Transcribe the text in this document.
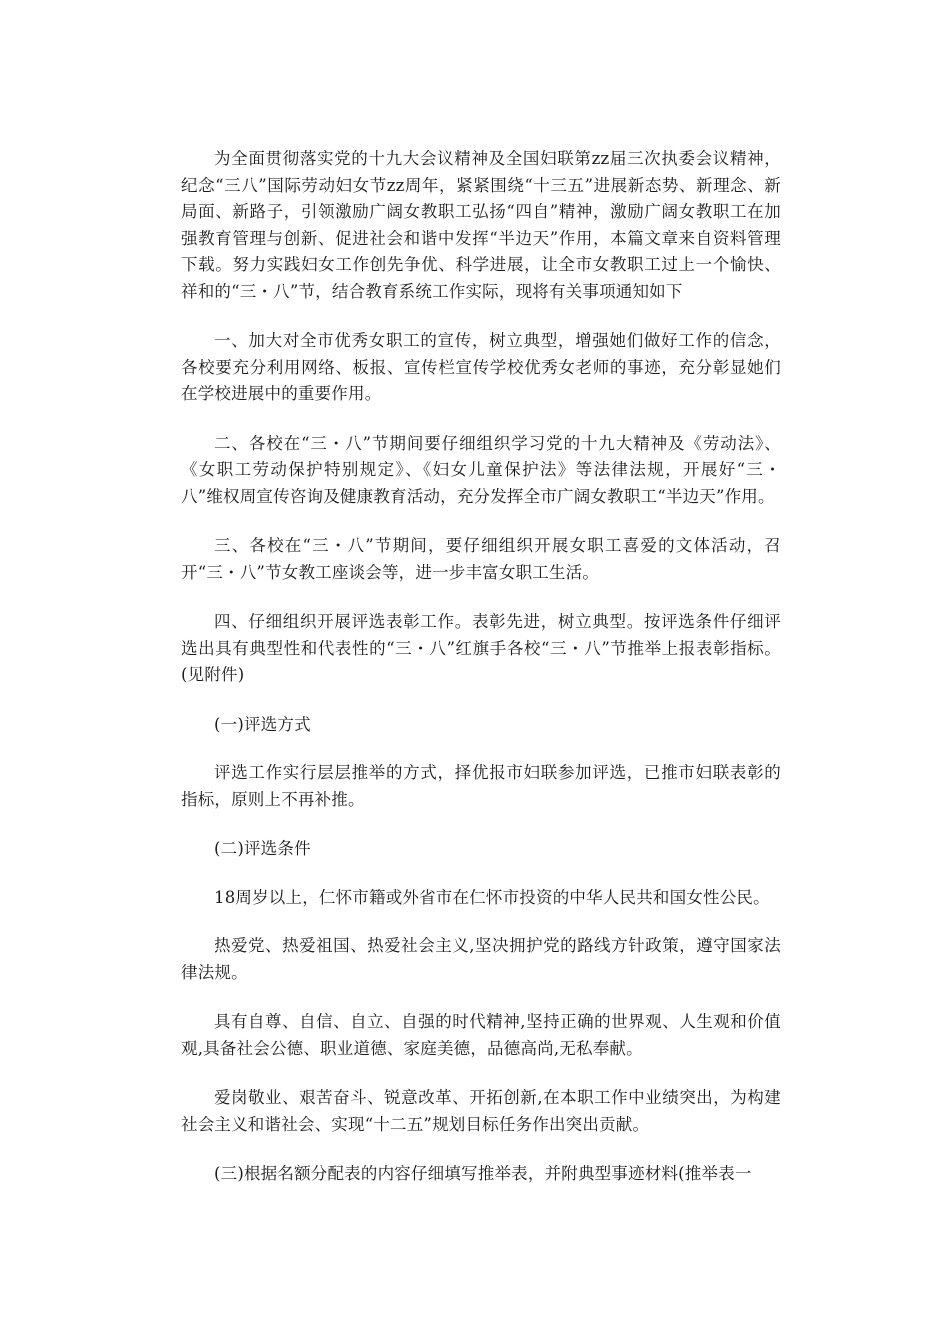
为全面贯彻落实党的十九大会议精神及全国妇联第zz届三次执委会议精神，纪念“三八”国际劳动妇女节zz周年，紧紧围绕“十三五”进展新态势、新理念、新局面、新路子，引领激励广阔女教职工弘扬“四自”精神，激励广阔女教职工在加强教育管理与创新、促进社会和谐中发挥“半边天”作用，本篇文章来自资料管理下载。努力实践妇女工作创先争优、科学进展，让全市女教职工过上一个愉快、祥和的“三・八”节，结合教育系统工作实际，现将有关事项通知如下

一、加大对全市优秀女职工的宣传，树立典型，增强她们做好工作的信念，各校要充分利用网络、板报、宣传栏宣传学校优秀女老师的事迹，充分彰显她们在学校进展中的重要作用。

二、各校在“三・八”节期间要仔细组织学习党的十九大精神及《劳动法》、《女职工劳动保护特别规定》、《妇女儿童保护法》等法律法规，开展好“三・八”维权周宣传咨询及健康教育活动，充分发挥全市广阔女教职工“半边天”作用。

三、各校在“三・八”节期间，要仔细组织开展女职工喜爱的文体活动，召开“三・八”节女教工座谈会等，进一步丰富女职工生活。

四、仔细组织开展评选表彰工作。表彰先进，树立典型。按评选条件仔细评选出具有典型性和代表性的“三・八”红旗手各校“三・八”节推举上报表彰指标。(见附件)

(一)评选方式

评选工作实行层层推举的方式，择优报市妇联参加评选，已推市妇联表彰的指标，原则上不再补推。

(二)评选条件

18周岁以上，仁怀市籍或外省市在仁怀市投资的中华人民共和国女性公民。

热爱党、热爱祖国、热爱社会主义,坚决拥护党的路线方针政策，遵守国家法律法规。

具有自尊、自信、自立、自强的时代精神,坚持正确的世界观、人生观和价值观,具备社会公德、职业道德、家庭美德，品德高尚,无私奉献。

爱岗敬业、艰苦奋斗、锐意改革、开拓创新,在本职工作中业绩突出，为构建社会主义和谐社会、实现“十二五”规划目标任务作出突出贡献。

(三)根据名额分配表的内容仔细填写推举表，并附典型事迹材料(推举表一
